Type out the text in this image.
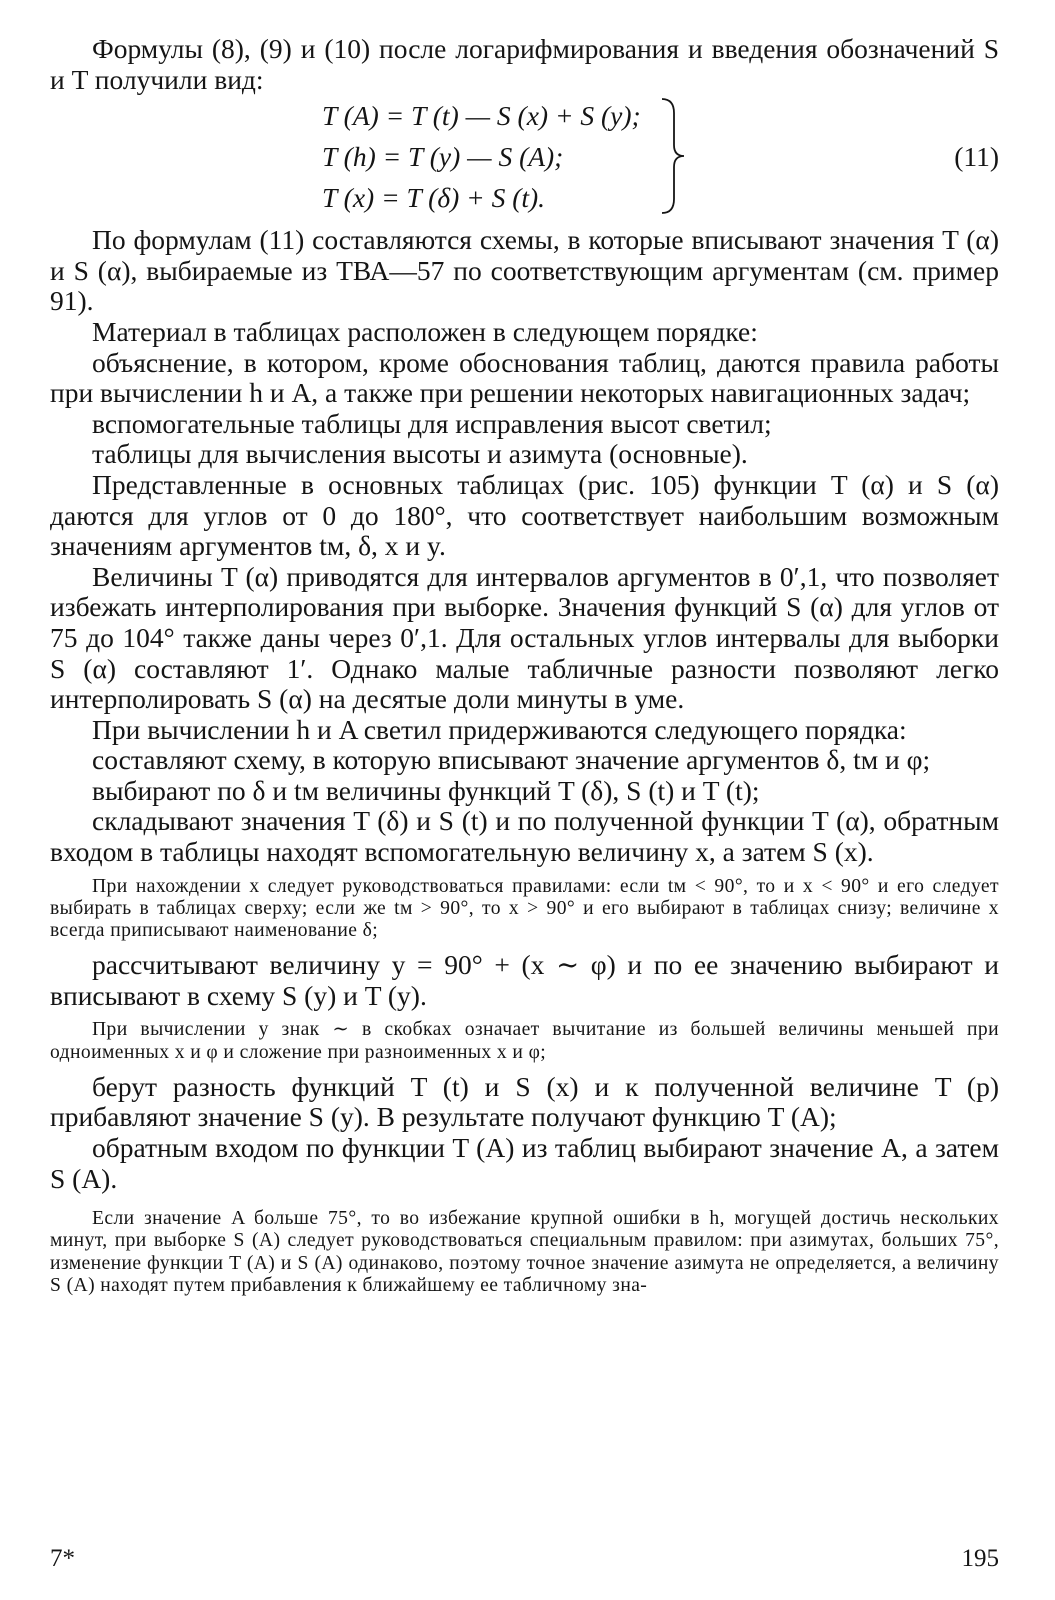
Формулы (8), (9) и (10) после логарифмирования и введения обозначений S и T получили вид:

T (A) = T (t) — S (x) + S (y);
T (h) = T (y) — S (A);
T (x) = T (δ) + S (t).
(11)

По формулам (11) составляются схемы, в которые вписывают значения T (α) и S (α), выбираемые из ТВА—57 по соответствующим аргументам (см. пример 91).

Материал в таблицах расположен в следующем порядке:

объяснение, в котором, кроме обоснования таблиц, даются правила работы при вычислении h и A, а также при решении некоторых навигационных задач;

вспомогательные таблицы для исправления высот светил;

таблицы для вычисления высоты и азимута (основные).

Представленные в основных таблицах (рис. 105) функции T (α) и S (α) даются для углов от 0 до 180°, что соответствует наибольшим возможным значениям аргументов tм, δ, x и y.

Величины T (α) приводятся для интервалов аргументов в 0′,1, что позволяет избежать интерполирования при выборке. Значения функций S (α) для углов от 75 до 104° также даны через 0′,1. Для остальных углов интервалы для выборки S (α) составляют 1′. Однако малые табличные разности позволяют легко интерполировать S (α) на десятые доли минуты в уме.

При вычислении h и A светил придерживаются следующего порядка:

составляют схему, в которую вписывают значение аргументов δ, tм и φ;

выбирают по δ и tм величины функций T (δ), S (t) и T (t);

складывают значения T (δ) и S (t) и по полученной функции T (α), обратным входом в таблицы находят вспомогательную величину x, а затем S (x).

При нахождении x следует руководствоваться правилами: если tм < 90°, то и x < 90° и его следует выбирать в таблицах сверху; если же tм > 90°, то x > 90° и его выбирают в таблицах снизу; величине x всегда приписывают наименование δ;

рассчитывают величину y = 90° + (x ∼ φ) и по ее значению выбирают и вписывают в схему S (y) и T (y).

При вычислении y знак ∼ в скобках означает вычитание из большей величины меньшей при одноименных x и φ и сложение при разноименных x и φ;

берут разность функций T (t) и S (x) и к полученной величине T (p) прибавляют значение S (y). В результате получают функцию T (A);

обратным входом по функции T (A) из таблиц выбирают значение A, а затем S (A).

Если значение A больше 75°, то во избежание крупной ошибки в h, могущей достичь нескольких минут, при выборке S (A) следует руководствоваться специальным правилом: при азимутах, больших 75°, изменение функции T (A) и S (A) одинаково, поэтому точное значение азимута не определяется, а величину S (A) находят путем прибавления к ближайшему ее табличному зна-

7*	195
